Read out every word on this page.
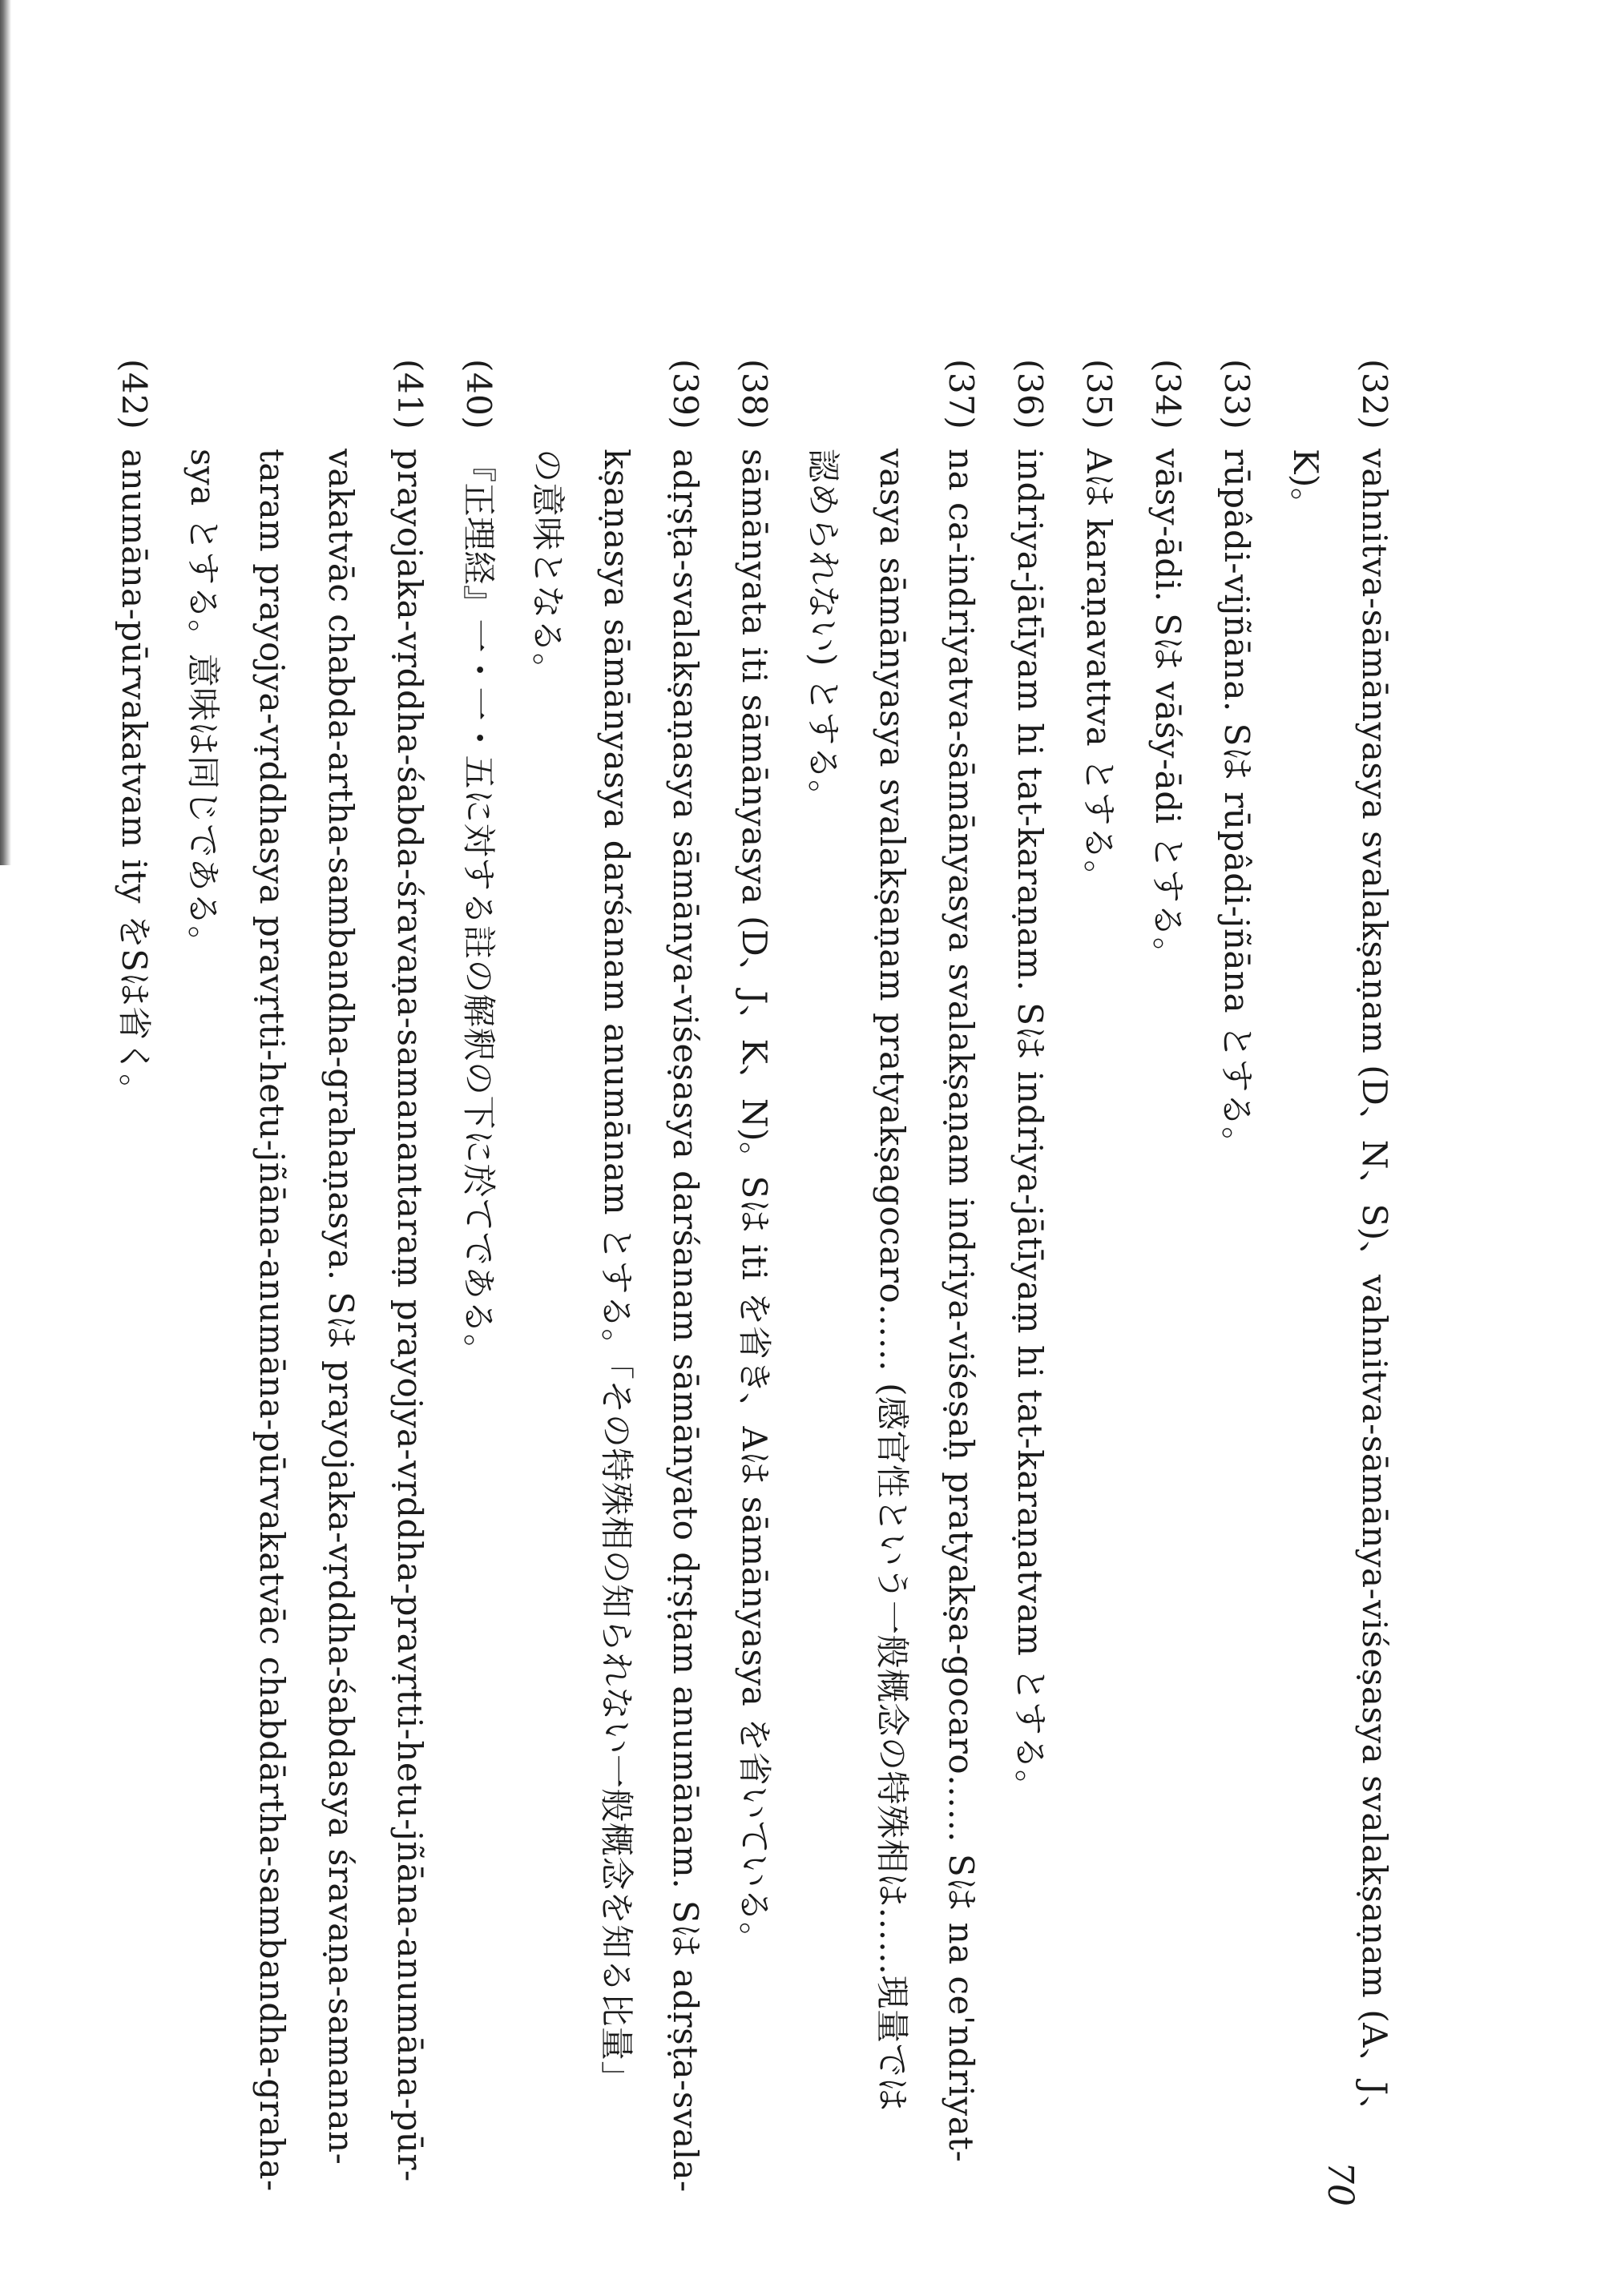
70
(32)
vahnitva-sāmānyasya svalakṣaṇam (D、N、S)、vahnitva-sāmānya-viśeṣasya svalakṣaṇam (A、J、
K)。
(33)
rūpâdi-vijñāna. Sは rūpâdi-jñāna とする。
(34)
vāsy-ādi. Sは vāśy-ādi とする。
(35)
Aは karaṇavattva とする。
(36)
indriya-jātīyam hi tat-karaṇam. Sは indriya-jātīyaṃ hi tat-karaṇatvam とする。
(37)
na ca-indriyatva-sāmānyasya svalakṣaṇam indriya-viśeṣaḥ pratyakṣa-gocaro…… Sは na ce'ndriyat-
vasya sāmānyasya svalakṣaṇam pratyakṣagocaro…… (感官性という一般概念の特殊相は……現量では
認められない) とする。
(38)
sāmānyata iti sāmānyasya (D、J、K、N)。Sは iti を省き、Aは sāmānyasya を省いている。
(39)
adṛṣṭa-svalakṣaṇasya sāmānya-viśeṣasya darśanam sāmānyato dṛṣṭam anumānam. Sは adṛṣṭa-svala-
kṣaṇasya sāmānyasya darśanam anumānam とする。「その特殊相の知られない一般概念を知る比量」
の意味となる。
(40)
『正理経』一・一・五に対する註の解釈の下に於てである。
(41)
prayojaka-vṛddha-śabda-śravaṇa-samanantaraṃ prayojya-vṛddha-pravṛtti-hetu-jñāna-anumāna-pūr-
vakatvāc chabda-artha-sambandha-grahaṇasya. Sは prayojaka-vṛddha-śabdasya śravaṇa-samanan-
taram prayojya-vṛddhasya pravṛtti-hetu-jñāna-anumāna-pūrvakatvāc chabdārtha-sambandha-graha-
sya とする。意味は同じである。
(42)
anumāna-pūrvakatvam ity をSは省く。
